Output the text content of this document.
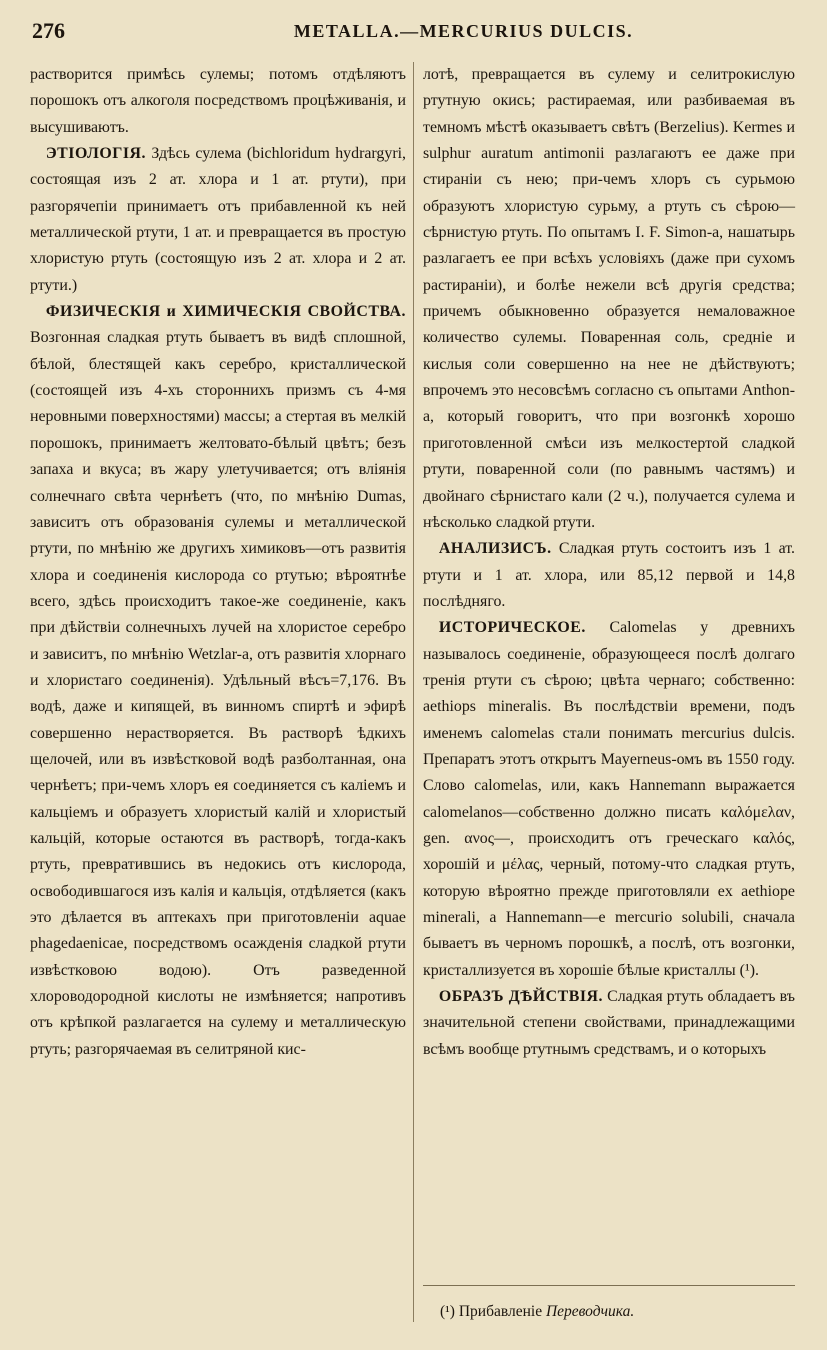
276	METALLA.—MERCURIUS DULCIS.

растворится примѣсь сулемы; потомъ отдѣляютъ порошокъ отъ алкоголя посредствомъ процѣживанія, и высушиваютъ.

 ЭТІОЛОГІЯ. Здѣсь сулема (bichloridum hydrargyri, состоящая изъ 2 ат. хлора и 1 ат. ртути), при разгорячепіи принимаетъ отъ прибавленной къ ней металлической ртути, 1 ат. и превращается въ простую хлористую ртуть (состоящую изъ 2 ат. хлора и 2 ат. ртути.)

 ФИЗИЧЕСКІЯ и ХИМИЧЕСКІЯ СВОЙСТВА. Возгонная сладкая ртуть бываетъ въ видѣ сплошной, бѣлой, блестящей какъ серебро, кристаллической (состоящей изъ 4-хъ стороннихъ призмъ съ 4-мя неровными поверхностями) массы; а стертая въ мелкій порошокъ, принимаетъ желтовато-бѣлый цвѣтъ; безъ запаха и вкуса; въ жару улетучивается; отъ вліянія солнечнаго свѣта чернѣетъ (что, по мнѣнію Dumas, зависитъ отъ образованія сулемы и металлической ртути, по мнѣнію же другихъ химиковъ—отъ развитія хлора и соединенія кислорода со ртутью; вѣроятнѣе всего, здѣсь происходитъ такое-же соединеніе, какъ при дѣйствіи солнечныхъ лучей на хлористое серебро и зависитъ, по мнѣнію Wetzlar-а, отъ развитія хлорнаго и хлористаго соединенія). Удѣльный вѣсъ=7,176. Въ водѣ, даже и кипящей, въ винномъ спиртѣ и эфирѣ совершенно нерастворяется. Въ растворѣ ѣдкихъ щелочей, или въ извѣстковой водѣ разболтанная, она чернѣетъ; при-чемъ хлоръ ея соединяется съ каліемъ и кальціемъ и образуетъ хлористый калій и хлористый кальцій, которые остаются въ растворѣ, тогда-какъ ртуть, превратившись въ недокись отъ кислорода, освободившагося изъ калія и кальція, отдѣляется (какъ это дѣлается въ аптекахъ при приготовленіи aquae phagedaenicae, посредствомъ осажденія сладкой ртути извѣстковою водою). Отъ разведенной хлороводородной кислоты не измѣняется; напротивъ отъ крѣпкой разлагается на сулему и металлическую ртуть; разгорячаемая въ селитряной кис-

лотѣ, превращается въ сулему и селитрокислую ртутную окись; растираемая, или разбиваемая въ темномъ мѣстѣ оказываетъ свѣтъ (Berzelius). Kermes и sulphur auratum antimonii разлагаютъ ее даже при стираніи съ нею; при-чемъ хлоръ съ сурьмою образуютъ хлористую сурьму, а ртуть съ сѣрою—сѣрнистую ртуть. По опытамъ I. F. Simon-а, нашатырь разлагаетъ ее при всѣхъ условіяхъ (даже при сухомъ растираніи), и болѣе нежели всѣ другія средства; причемъ обыкновенно образуется немаловажное количество сулемы. Поваренная соль, средніе и кислыя соли совершенно на нее не дѣйствуютъ; впрочемъ это несовсѣмъ согласно съ опытами Anthon-а, который говоритъ, что при возгонкѣ хорошо приготовленной смѣси изъ мелкостертой сладкой ртути, поваренной соли (по равнымъ частямъ) и двойнаго сѣрнистаго кали (2 ч.), получается сулема и нѣсколько сладкой ртути.

 АНАЛИЗИСЪ. Сладкая ртуть состоитъ изъ 1 ат. ртути и 1 ат. хлора, или 85,12 первой и 14,8 послѣдняго.

 ИСТОРИЧЕСКОЕ. Calomelas у древнихъ называлось соединеніе, образующееся послѣ долгаго тренія ртути съ сѣрою; цвѣта чернаго; собственно: aethiops mineralis. Въ послѣдствіи времени, подъ именемъ calomelas стали понимать mercurius dulcis. Препаратъ этотъ открытъ Mayerneus-омъ въ 1550 году. Слово calomelas, или, какъ Hannemann выражается calomelanos—собственно должно писать καλόμελαν, gen. ανος—, происходитъ отъ греческаго καλός, хорошій и μέλας, черный, потому-что сладкая ртуть, которую вѣроятно прежде приготовляли ex aethiope minerali, а Hannemann—e mercurio solubili, сначала бываетъ въ черномъ порошкѣ, а послѣ, отъ возгонки, кристаллизуется въ хорошіе бѣлые кристаллы (¹).

 ОБРАЗЪ ДѢЙСТВІЯ. Сладкая ртуть обладаетъ въ значительной степени свойствами, принадлежащими всѣмъ вообще ртутнымъ средствамъ, и о которыхъ

(¹) Прибавленіе Переводчика.
